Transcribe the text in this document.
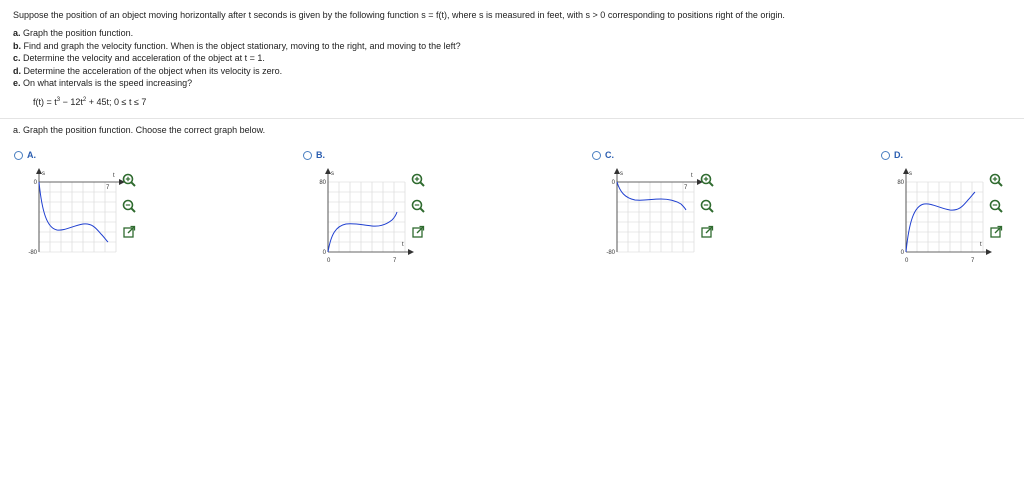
Suppose the position of an object moving horizontally after t seconds is given by the following function s = f(t), where s is measured in feet, with s > 0 corresponding to positions right of the origin.

a. Graph the position function.
b. Find and graph the velocity function. When is the object stationary, moving to the right, and moving to the left?
c. Determine the velocity and acceleration of the object at t = 1.
d. Determine the acceleration of the object when its velocity is zero.
e. On what intervals is the speed increasing?
$f(t) = t^3 - 12t^2 + 45t$; 0 ≤ t ≤ 7
a. Graph the position function. Choose the correct graph below.
A.
s	t
0
7
-80
B.
s
t
80
0
0	7
C.
s	t
0
7
-80
D.
s
t
80
0
0	7
